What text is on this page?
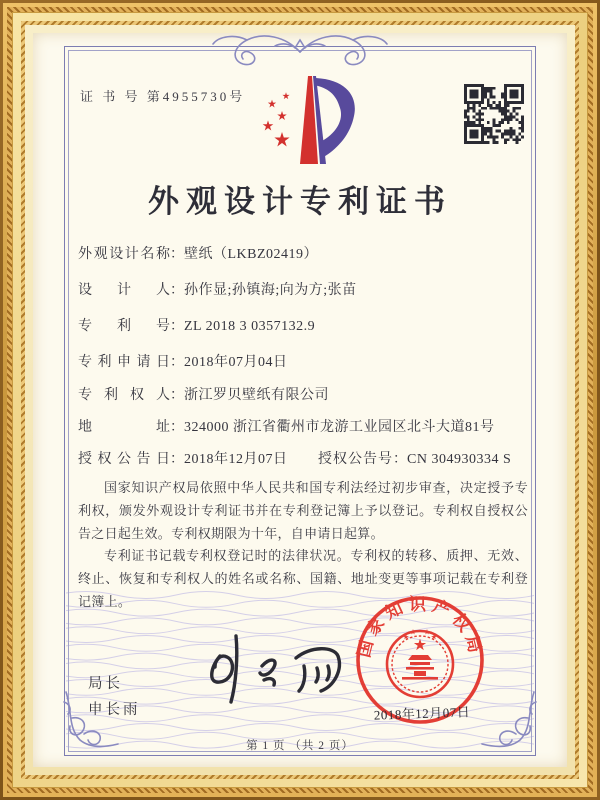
证 书 号 第4955730号
外观设计专利证书
外观设计名称：壁纸（LKBZ02419）
设计人：孙作显;孙镇海;向为方;张苗
专利号：ZL 2018 3 0357132.9
专利申请日：2018年07月04日
专利权人：浙江罗贝壁纸有限公司
地址：324000 浙江省衢州市龙游工业园区北斗大道81号
授权公告日：2018年12月07日 授权公告号：CN 304930334 S

国家知识产权局依照中华人民共和国专利法经过初步审查，决定授予专利权，颁发外观设计专利证书并在专利登记簿上予以登记。专利权自授权公告之日起生效。专利权期限为十年，自申请日起算。

专利证书记载专利权登记时的法律状况。专利权的转移、质押、无效、终止、恢复和专利权人的姓名或名称、国籍、地址变更等事项记载在专利登记簿上。

局长
申长雨
国家知识产权局
2018年12月07日
第 1 页 （共 2 页）
